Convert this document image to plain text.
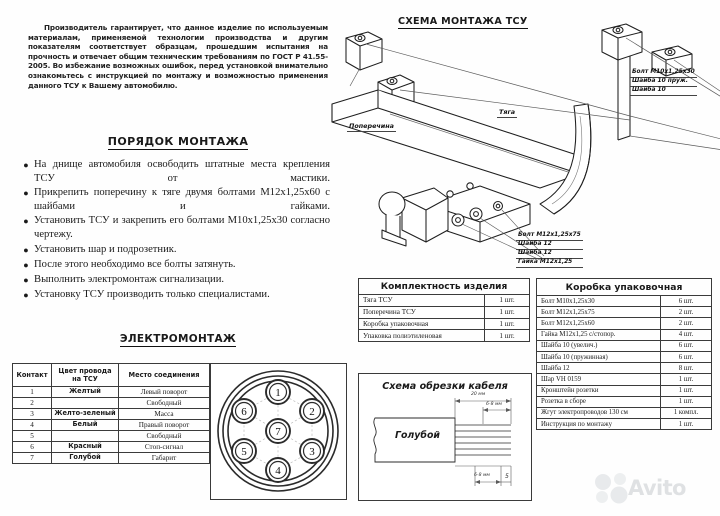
Производитель гарантирует, что данное изделие по используемым материалам, применяемой технологии производства и другим показателям соответствует образцам, прошедшим испытания на прочность и отвечает общим техническим требованиям по ГОСТ Р 41.55-2005. Во избежание возможных ошибок, перед установкой внимательно ознакомьтесь с инструкцией по монтажу и возможностью применения данного ТСУ к Вашему автомобилю.
ПОРЯДОК МОНТАЖА
● На днище автомобиля освободить штатные места крепления ТСУ от мастики.
● Прикрепить поперечину к тяге двумя болтами М12х1,25х60 с шайбами и гайками.
● Установить ТСУ и закрепить его болтами М10х1,25х30 согласно чертежу.
● Установить шар и подрозетник.
● После этого необходимо все болты затянуть.
● Выполнить электромонтаж сигнализации.
● Установку ТСУ производить только специалистами.
ЭЛЕКТРОМОНТАЖ
Контакт	Цвет провода на ТСУ	Место соединения
1	Желтый	Левый поворот
2		Свободный
3	Желто-зеленый	Масса
4	Белый	Правый поворот
5		Свободный
6	Красный	Стоп-сигнал
7	Голубой	Габарит
1
2
3
4
5
6
7
СХЕМА МОНТАЖА ТСУ
Поперечина
Тяга
Болт М10х1,25х30
Шайба 10 пруж.
Шайба 10
Болт М12х1,25х75
Шайба 12
Шайба 12
Гайка М12х1,25
Комплектность изделия	
Тяга ТСУ	1 шт.
Поперечина ТСУ	1 шт.
Коробка упаковочная	1 шт.
Упаковка полиэтиленовая	1 шт.
Коробка упаковочная	
Болт М10х1,25х30	6 шт.
Болт М12х1,25х75	2 шт.
Болт М12х1,25х60	2 шт.
Гайка М12х1,25 с/стопор.	4 шт.
Шайба 10 (увелич.)	6 шт.
Шайба 10 (пружинная)	6 шт.
Шайба 12	8 шт.
Шар VH 0159	1 шт.
Кронштейн розетки	1 шт.
Розетка в сборе	1 шт.
Жгут электропроводов 130 см	1 компл.
Инструкция по монтажу	1 шт.
Схема обрезки кабеля
Голубой
20 мм
6-8 мм
6-8 мм	5	Avito
